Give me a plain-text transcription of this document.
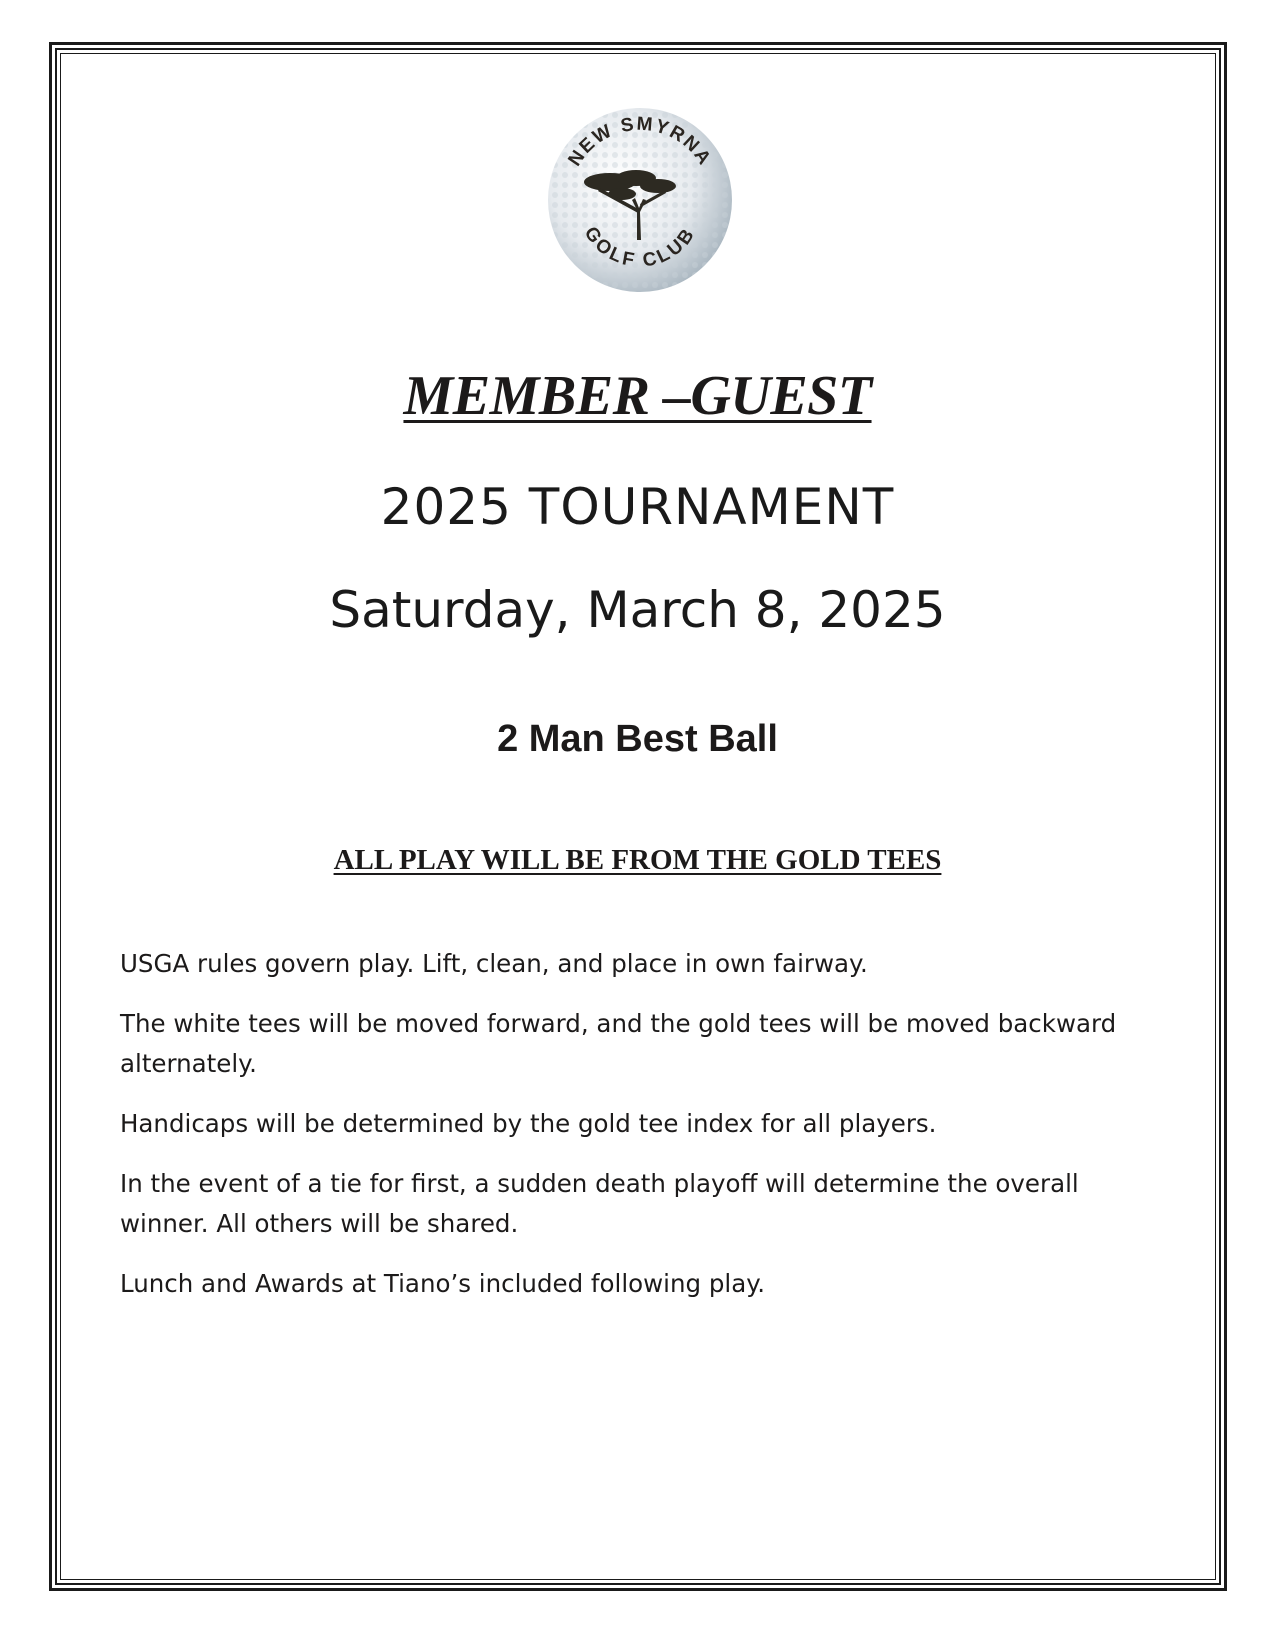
NEW SMYRNA
GOLF CLUB
MEMBER –GUEST
2025 TOURNAMENT
Saturday, March 8, 2025
2 Man Best Ball
ALL PLAY WILL BE FROM THE GOLD TEES
USGA rules govern play. Lift, clean, and place in own fairway.
The white tees will be moved forward, and the gold tees will be moved backward alternately.
Handicaps will be determined by the gold tee index for all players.
In the event of a tie for first, a sudden death playoff will determine the overall winner. All others will be shared.
Lunch and Awards at Tiano’s included following play.
